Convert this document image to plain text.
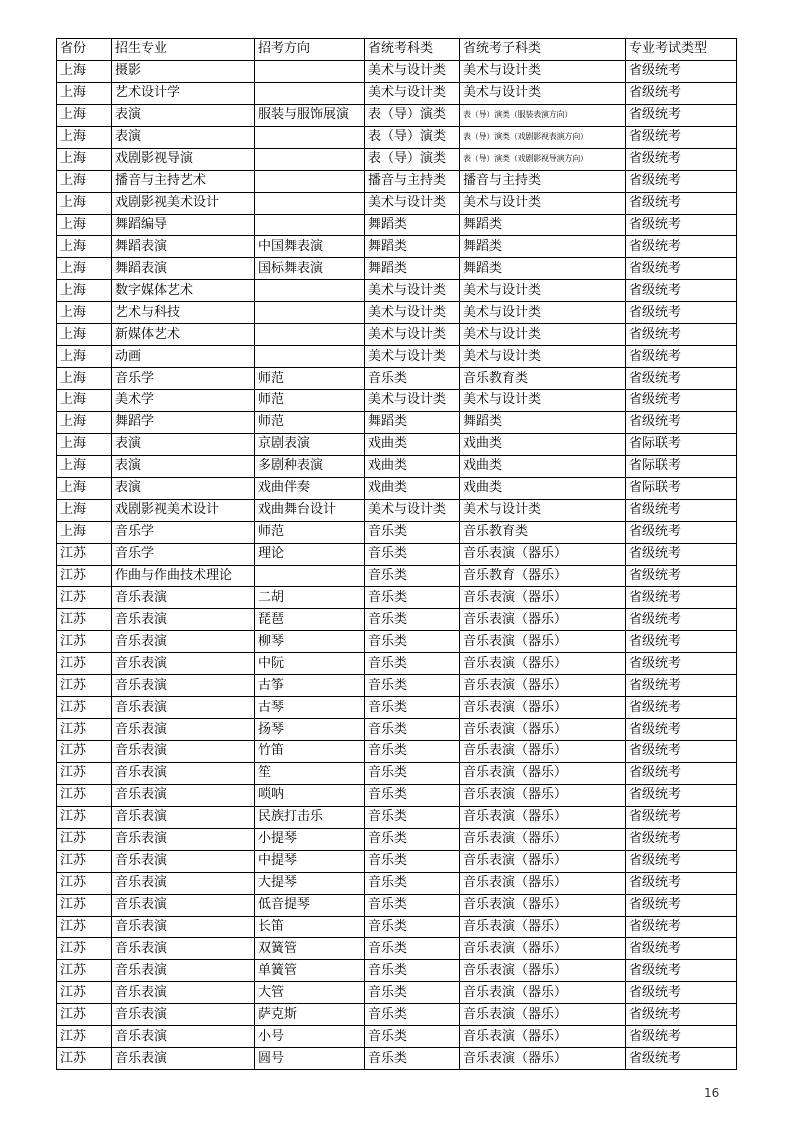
省份	招生专业	招考方向	省统考科类	省统考子科类	专业考试类型
上海	摄影		美术与设计类	美术与设计类	省级统考
上海	艺术设计学		美术与设计类	美术与设计类	省级统考
上海	表演	服装与服饰展演	表（导）演类	表（导）演类（服装表演方向）	省级统考
上海	表演		表（导）演类	表（导）演类（戏剧影视表演方向）	省级统考
上海	戏剧影视导演		表（导）演类	表（导）演类（戏剧影视导演方向）	省级统考
上海	播音与主持艺术		播音与主持类	播音与主持类	省级统考
上海	戏剧影视美术设计		美术与设计类	美术与设计类	省级统考
上海	舞蹈编导		舞蹈类	舞蹈类	省级统考
上海	舞蹈表演	中国舞表演	舞蹈类	舞蹈类	省级统考
上海	舞蹈表演	国标舞表演	舞蹈类	舞蹈类	省级统考
上海	数字媒体艺术		美术与设计类	美术与设计类	省级统考
上海	艺术与科技		美术与设计类	美术与设计类	省级统考
上海	新媒体艺术		美术与设计类	美术与设计类	省级统考
上海	动画		美术与设计类	美术与设计类	省级统考
上海	音乐学	师范	音乐类	音乐教育类	省级统考
上海	美术学	师范	美术与设计类	美术与设计类	省级统考
上海	舞蹈学	师范	舞蹈类	舞蹈类	省级统考
上海	表演	京剧表演	戏曲类	戏曲类	省际联考
上海	表演	多剧种表演	戏曲类	戏曲类	省际联考
上海	表演	戏曲伴奏	戏曲类	戏曲类	省际联考
上海	戏剧影视美术设计	戏曲舞台设计	美术与设计类	美术与设计类	省级统考
上海	音乐学	师范	音乐类	音乐教育类	省级统考
江苏	音乐学	理论	音乐类	音乐表演（器乐）	省级统考
江苏	作曲与作曲技术理论		音乐类	音乐教育（器乐）	省级统考
江苏	音乐表演	二胡	音乐类	音乐表演（器乐）	省级统考
江苏	音乐表演	琵琶	音乐类	音乐表演（器乐）	省级统考
江苏	音乐表演	柳琴	音乐类	音乐表演（器乐）	省级统考
江苏	音乐表演	中阮	音乐类	音乐表演（器乐）	省级统考
江苏	音乐表演	古筝	音乐类	音乐表演（器乐）	省级统考
江苏	音乐表演	古琴	音乐类	音乐表演（器乐）	省级统考
江苏	音乐表演	扬琴	音乐类	音乐表演（器乐）	省级统考
江苏	音乐表演	竹笛	音乐类	音乐表演（器乐）	省级统考
江苏	音乐表演	笙	音乐类	音乐表演（器乐）	省级统考
江苏	音乐表演	唢呐	音乐类	音乐表演（器乐）	省级统考
江苏	音乐表演	民族打击乐	音乐类	音乐表演（器乐）	省级统考
江苏	音乐表演	小提琴	音乐类	音乐表演（器乐）	省级统考
江苏	音乐表演	中提琴	音乐类	音乐表演（器乐）	省级统考
江苏	音乐表演	大提琴	音乐类	音乐表演（器乐）	省级统考
江苏	音乐表演	低音提琴	音乐类	音乐表演（器乐）	省级统考
江苏	音乐表演	长笛	音乐类	音乐表演（器乐）	省级统考
江苏	音乐表演	双簧管	音乐类	音乐表演（器乐）	省级统考
江苏	音乐表演	单簧管	音乐类	音乐表演（器乐）	省级统考
江苏	音乐表演	大管	音乐类	音乐表演（器乐）	省级统考
江苏	音乐表演	萨克斯	音乐类	音乐表演（器乐）	省级统考
江苏	音乐表演	小号	音乐类	音乐表演（器乐）	省级统考
江苏	音乐表演	圆号	音乐类	音乐表演（器乐）	省级统考
16
